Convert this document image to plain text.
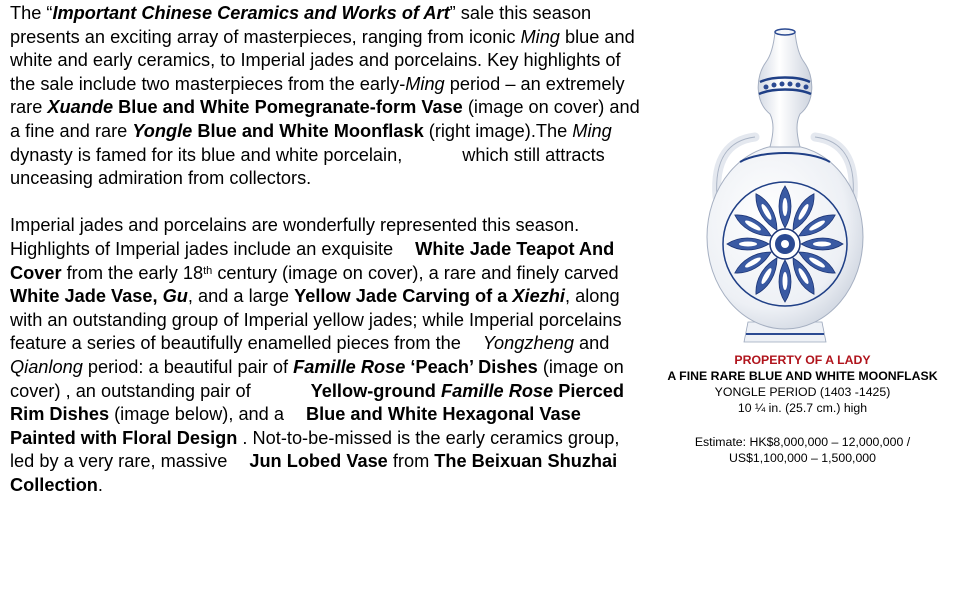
The “Important Chinese Ceramics and Works of Art” sale this season presents an exciting array of masterpieces, ranging from iconic Ming blue and white and early ceramics, to Imperial jades and porcelains. Key highlights of the sale include two masterpieces from the early-Ming period – an extremely rare Xuande Blue and White Pomegranate-form Vase (image on cover) and a fine and rare Yongle Blue and White Moonflask (right image).The Ming dynasty is famed for its blue and white porcelain,	which still attracts unceasing admiration from collectors.

Imperial jades and porcelains are wonderfully represented this season. Highlights of Imperial jades include an exquisite White Jade Teapot And Cover from the early 18th century (image on cover), a rare and finely carved White Jade Vase, Gu, and a large Yellow Jade Carving of a Xiezhi, along with an outstanding group of Imperial yellow jades; while Imperial porcelains feature a series of beautifully enamelled pieces from the Yongzheng and Qianlong period: a beautiful pair of Famille Rose ‘Peach’ Dishes (image on cover) , an outstanding pair of	Yellow-ground Famille Rose Pierced Rim Dishes (image below), and a Blue and White Hexagonal Vase Painted with Floral Design . Not-to-be-missed is the early ceramics group, led by a very rare, massive Jun Lobed Vase from The Beixuan Shuzhai Collection.

PROPERTY OF A LADY
A FINE RARE BLUE AND WHITE MOONFLASK
YONGLE PERIOD (1403 -1425)
10 ¼ in. (25.7 cm.) high
Estimate: HK$8,000,000 – 12,000,000 /
US$1,100,000 – 1,500,000
